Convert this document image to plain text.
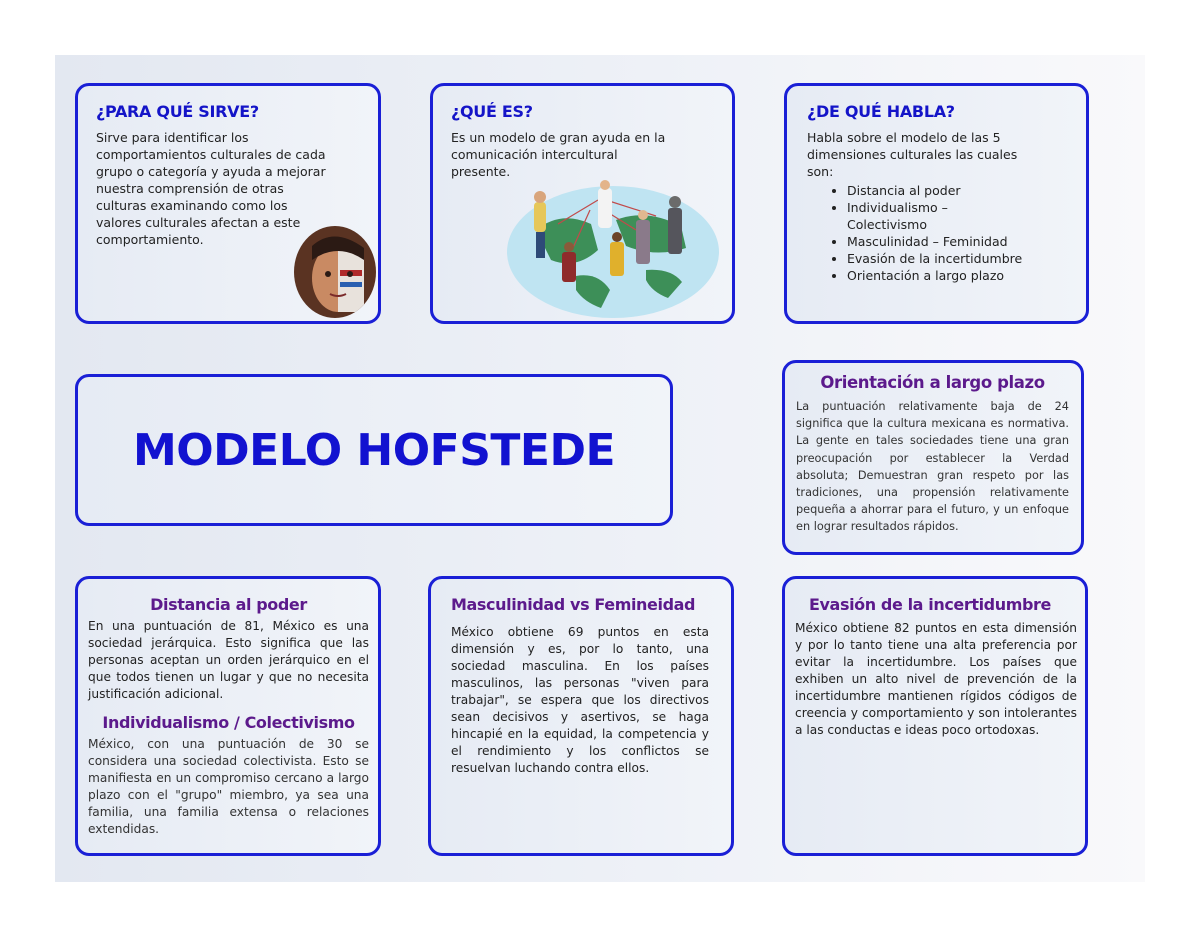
¿PARA QUÉ SIRVE?

Sirve para identificar los comportamientos culturales de cada grupo o categoría y ayuda a mejorar nuestra comprensión de otras culturas examinando como los valores culturales afectan a este comportamiento.

¿QUÉ ES?

Es un modelo de gran ayuda en la comunicación intercultural presente.

¿DE QUÉ HABLA?

Habla sobre el modelo de las 5 dimensiones culturales las cuales son:

• Distancia al poder
• Individualismo – Colectivismo
• Masculinidad – Feminidad
• Evasión de la incertidumbre
• Orientación a largo plazo
MODELO HOFSTEDE
Orientación a largo plazo

La puntuación relativamente baja de 24 significa que la cultura mexicana es normativa. La gente en tales sociedades tiene una gran preocupación por establecer la Verdad absoluta; Demuestran gran respeto por las tradiciones, una propensión relativamente pequeña a ahorrar para el futuro, y un enfoque en lograr resultados rápidos.

Distancia al poder

En una puntuación de 81, México es una sociedad jerárquica. Esto significa que las personas aceptan un orden jerárquico en el que todos tienen un lugar y que no necesita justificación adicional.

Individualismo / Colectivismo

México, con una puntuación de 30 se considera una sociedad colectivista. Esto se manifiesta en un compromiso cercano a largo plazo con el "grupo" miembro, ya sea una familia, una familia extensa o relaciones extendidas.

Masculinidad vs Femineidad

México obtiene 69 puntos en esta dimensión y es, por lo tanto, una sociedad masculina. En los países masculinos, las personas "viven para trabajar", se espera que los directivos sean decisivos y asertivos, se haga hincapié en la equidad, la competencia y el rendimiento y los conflictos se resuelvan luchando contra ellos.

Evasión de la incertidumbre

México obtiene 82 puntos en esta dimensión y por lo tanto tiene una alta preferencia por evitar la incertidumbre. Los países que exhiben un alto nivel de prevención de la incertidumbre mantienen rígidos códigos de creencia y comportamiento y son intolerantes a las conductas e ideas poco ortodoxas.
